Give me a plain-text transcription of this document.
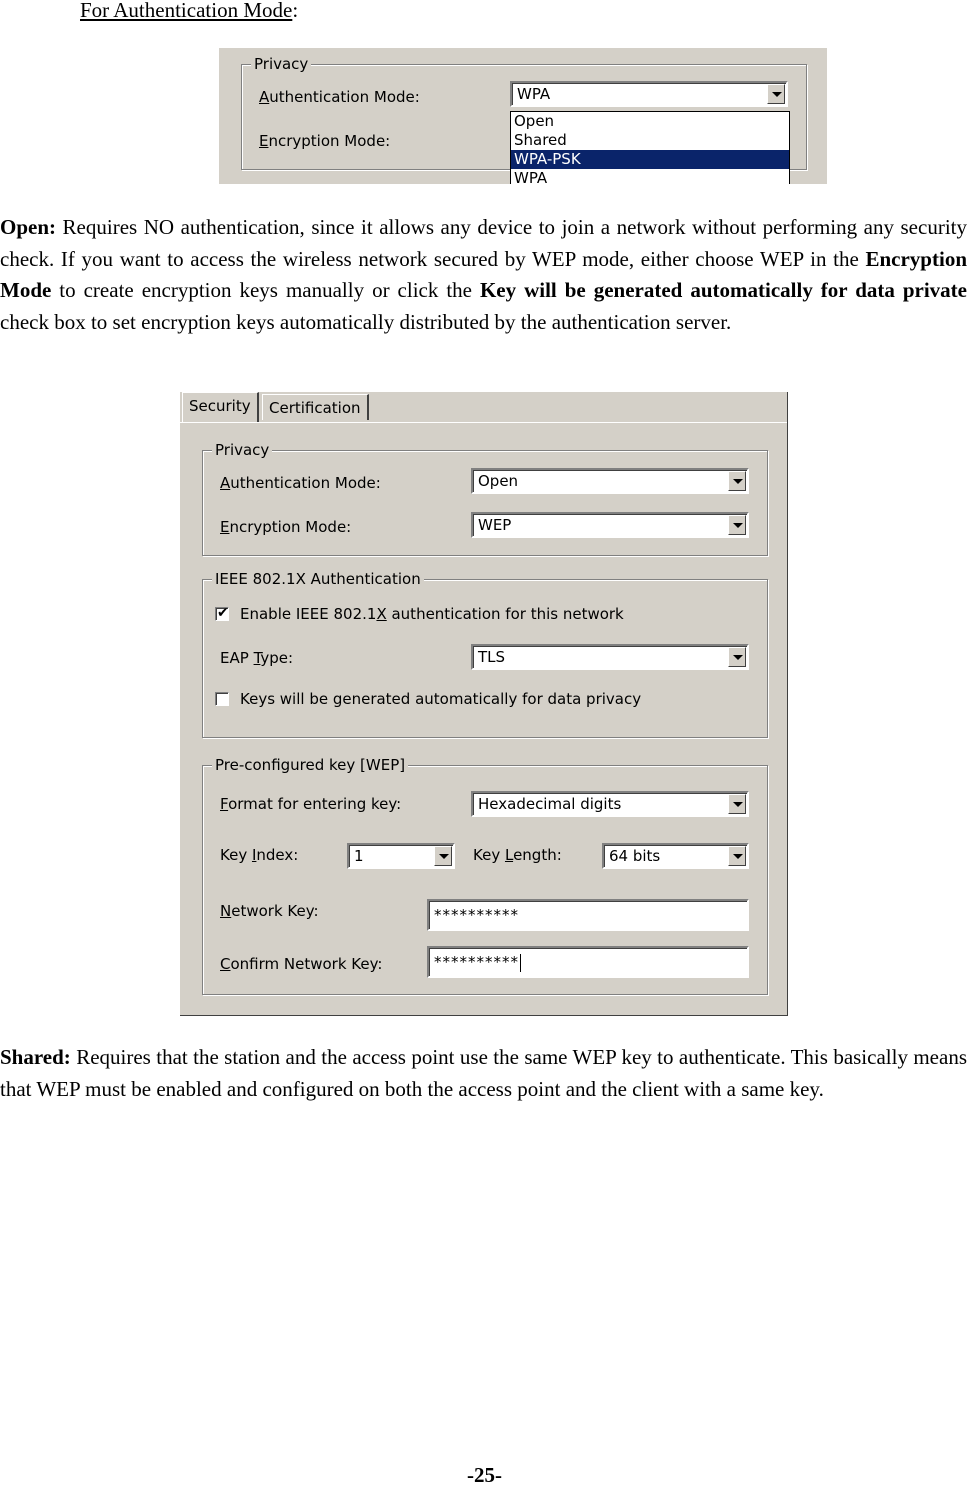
For Authentication Mode:
Privacy
Authentication Mode:	WPA
Encryption Mode:
Open
Shared
WPA-PSK
WPA
Open: Requires NO authentication, since it allows any device to join a network without performing any security check. If you want to access the wireless network secured by WEP mode, either choose WEP in the Encryption Mode to create encryption keys manually or click the Key will be generated automatically for data private check box to set encryption keys automatically distributed by the authentication server.
Security	Certification
Privacy
Authentication Mode:	Open
Encryption Mode:	WEP
IEEE 802.1X Authentication
✔ Enable IEEE 802.1X authentication for this network
EAP Type:	TLS
Keys will be generated automatically for data privacy
Pre-configured key [WEP]
Format for entering key:	Hexadecimal digits
Key Index:	1	Key Length:	64 bits
Network Key:	**********
Confirm Network Key:	**********
Shared: Requires that the station and the access point use the same WEP key to authenticate. This basically means that WEP must be enabled and configured on both the access point and the client with a same key.
-25-
